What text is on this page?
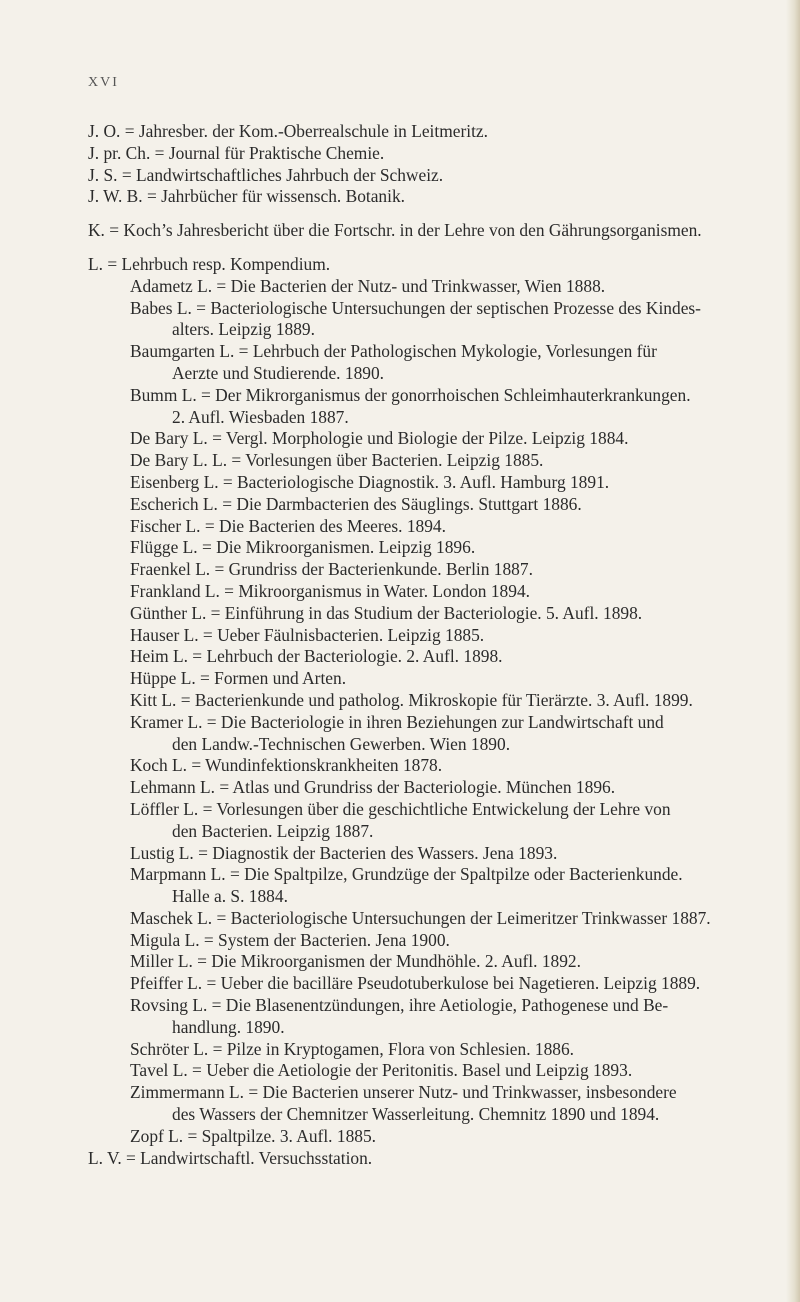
XVI
J. O. = Jahresber. der Kom.-Oberrealschule in Leitmeritz.
J. pr. Ch. = Journal für Praktische Chemie.
J. S. = Landwirtschaftliches Jahrbuch der Schweiz.
J. W. B. = Jahrbücher für wissensch. Botanik.
K. = Koch’s Jahresbericht über die Fortschr. in der Lehre von den Gährungsorganismen.
L. = Lehrbuch resp. Kompendium.
Adametz L. = Die Bacterien der Nutz- und Trinkwasser, Wien 1888.
Babes L. = Bacteriologische Untersuchungen der septischen Prozesse des Kindes-
alters. Leipzig 1889.
Baumgarten L. = Lehrbuch der Pathologischen Mykologie, Vorlesungen für
Aerzte und Studierende. 1890.
Bumm L. = Der Mikrorganismus der gonorrhoischen Schleimhauterkrankungen.
2. Aufl. Wiesbaden 1887.
De Bary L. = Vergl. Morphologie und Biologie der Pilze. Leipzig 1884.
De Bary L. L. = Vorlesungen über Bacterien. Leipzig 1885.
Eisenberg L. = Bacteriologische Diagnostik. 3. Aufl. Hamburg 1891.
Escherich L. = Die Darmbacterien des Säuglings. Stuttgart 1886.
Fischer L. = Die Bacterien des Meeres. 1894.
Flügge L. = Die Mikroorganismen. Leipzig 1896.
Fraenkel L. = Grundriss der Bacterienkunde. Berlin 1887.
Frankland L. = Mikroorganismus in Water. London 1894.
Günther L. = Einführung in das Studium der Bacteriologie. 5. Aufl. 1898.
Hauser L. = Ueber Fäulnisbacterien. Leipzig 1885.
Heim L. = Lehrbuch der Bacteriologie. 2. Aufl. 1898.
Hüppe L. = Formen und Arten.
Kitt L. = Bacterienkunde und patholog. Mikroskopie für Tierärzte. 3. Aufl. 1899.
Kramer L. = Die Bacteriologie in ihren Beziehungen zur Landwirtschaft und
den Landw.-Technischen Gewerben. Wien 1890.
Koch L. = Wundinfektionskrankheiten 1878.
Lehmann L. = Atlas und Grundriss der Bacteriologie. München 1896.
Löffler L. = Vorlesungen über die geschichtliche Entwickelung der Lehre von
den Bacterien. Leipzig 1887.
Lustig L. = Diagnostik der Bacterien des Wassers. Jena 1893.
Marpmann L. = Die Spaltpilze, Grundzüge der Spaltpilze oder Bacterienkunde.
Halle a. S. 1884.
Maschek L. = Bacteriologische Untersuchungen der Leimeritzer Trinkwasser 1887.
Migula L. = System der Bacterien. Jena 1900.
Miller L. = Die Mikroorganismen der Mundhöhle. 2. Aufl. 1892.
Pfeiffer L. = Ueber die bacilläre Pseudotuberkulose bei Nagetieren. Leipzig 1889.
Rovsing L. = Die Blasenentzündungen, ihre Aetiologie, Pathogenese und Be-
handlung. 1890.
Schröter L. = Pilze in Kryptogamen, Flora von Schlesien. 1886.
Tavel L. = Ueber die Aetiologie der Peritonitis. Basel und Leipzig 1893.
Zimmermann L. = Die Bacterien unserer Nutz- und Trinkwasser, insbesondere
des Wassers der Chemnitzer Wasserleitung. Chemnitz 1890 und 1894.
Zopf L. = Spaltpilze. 3. Aufl. 1885.
L. V. = Landwirtschaftl. Versuchsstation.
